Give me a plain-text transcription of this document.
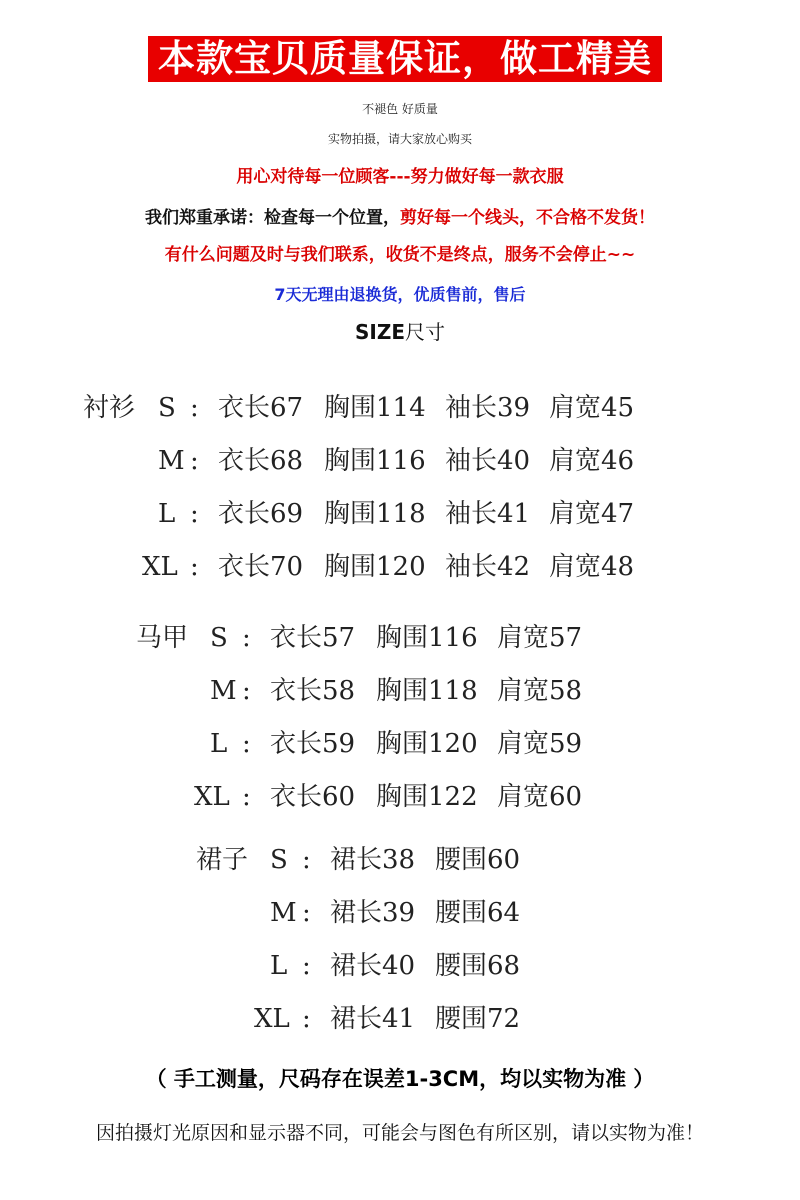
本款宝贝质量保证，做工精美
不褪色 好质量
实物拍摄，请大家放心购买
用心对待每一位顾客---努力做好每一款衣服
我们郑重承诺：检查每一个位置，剪好每一个线头，不合格不发货！
有什么问题及时与我们联系，收货不是终点，服务不会停止~~
7天无理由退换货，优质售前，售后
SIZE尺寸
衬衫 S : 衣长67 胸围114 袖长39 肩宽45
M : 衣长68 胸围116 袖长40 肩宽46
L : 衣长69 胸围118 袖长41 肩宽47
XL : 衣长70 胸围120 袖长42 肩宽48
马甲 S : 衣长57 胸围116 肩宽57
M : 衣长58 胸围118 肩宽58
L : 衣长59 胸围120 肩宽59
XL : 衣长60 胸围122 肩宽60
裙子 S : 裙长38 腰围60
M : 裙长39 腰围64
L : 裙长40 腰围68
XL : 裙长41 腰围72
（ 手工测量，尺码存在误差1-3CM，均以实物为准 ）
因拍摄灯光原因和显示器不同，可能会与图色有所区别，请以实物为准！
